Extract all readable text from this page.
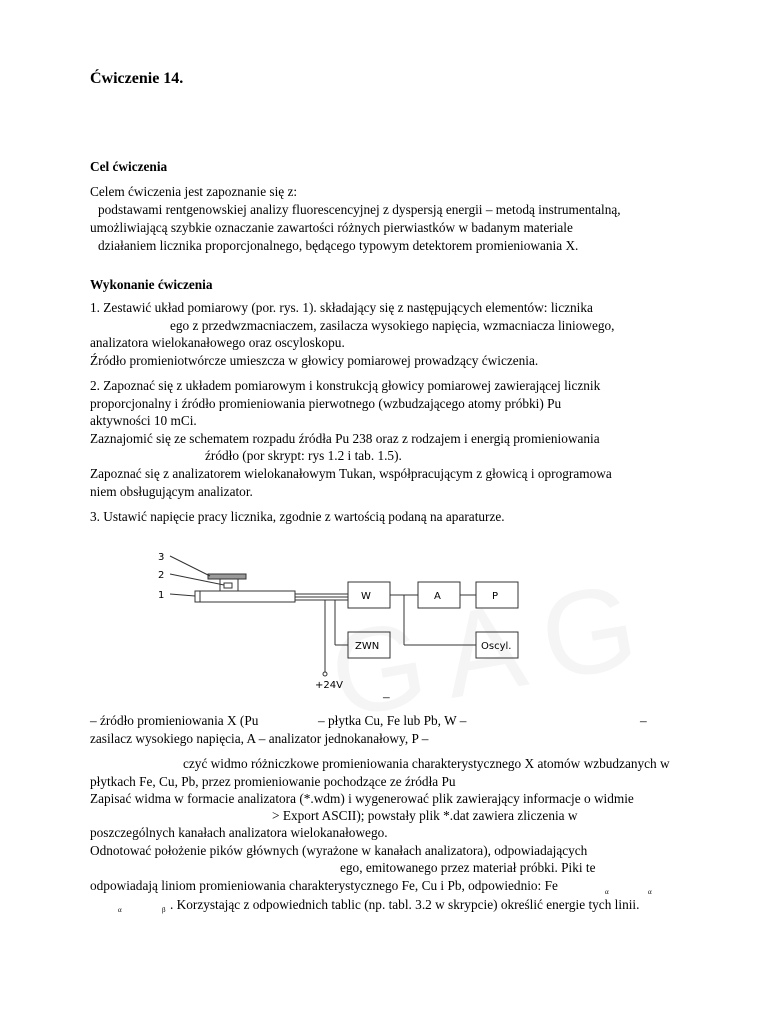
Ćwiczenie 14.
Cel ćwiczenia
Celem ćwiczenia jest zapoznanie się z:
podstawami rentgenowskiej analizy fluorescencyjnej z dyspersją energii – metodą instrumentalną,
umożliwiającą szybkie oznaczanie zawartości różnych pierwiastków w badanym materiale
działaniem licznika proporcjonalnego, będącego typowym detektorem promieniowania X.
Wykonanie ćwiczenia
1. Zestawić układ pomiarowy (por. rys. 1). składający się z następujących elementów: licznika
ego z przedwzmacniaczem, zasilacza wysokiego napięcia, wzmacniacza liniowego,
analizatora wielokanałowego oraz oscyloskopu.
Źródło promieniotwórcze umieszcza w głowicy pomiarowej prowadzący ćwiczenia.
2. Zapoznać się z układem pomiarowym i konstrukcją głowicy pomiarowej zawierającej licznik
proporcjonalny i źródło promieniowania pierwotnego (wzbudzającego atomy próbki) Pu
aktywności 10 mCi.
Zaznajomić się ze schematem rozpadu źródła Pu 238 oraz z rodzajem i energią promieniowania
źródło (por skrypt: rys 1.2 i tab. 1.5).
Zapoznać się z analizatorem wielokanałowym Tukan, współpracującym z głowicą i oprogramowa
niem obsługującym analizator.
3. Ustawić napięcie pracy licznika, zgodnie z wartością podaną na aparaturze.
3
2
1	W	A	P
ZWN	Oscyl.
+24V
–
– źródło promieniowania X (Pu	– płytka Cu, Fe lub Pb, W –	–
zasilacz wysokiego napięcia, A – analizator jednokanałowy, P –
czyć widmo różniczkowe promieniowania charakterystycznego X atomów wzbudzanych w
płytkach Fe, Cu, Pb, przez promieniowanie pochodzące ze źródła Pu
Zapisać widma w formacie analizatora (*.wdm) i wygenerować plik zawierający informacje o widmie
> Export ASCII); powstały plik *.dat zawiera zliczenia w
poszczególnych kanałach analizatora wielokanałowego.
Odnotować położenie pików głównych (wyrażone w kanałach analizatora), odpowiadających
ego, emitowanego przez materiał próbki. Piki te
odpowiadają liniom promieniowania charakterystycznego Fe, Cu i Pb, odpowiednio: Fe	α	α
α	β . Korzystając z odpowiednich tablic (np. tabl. 3.2 w skrypcie) określić energie tych linii.
